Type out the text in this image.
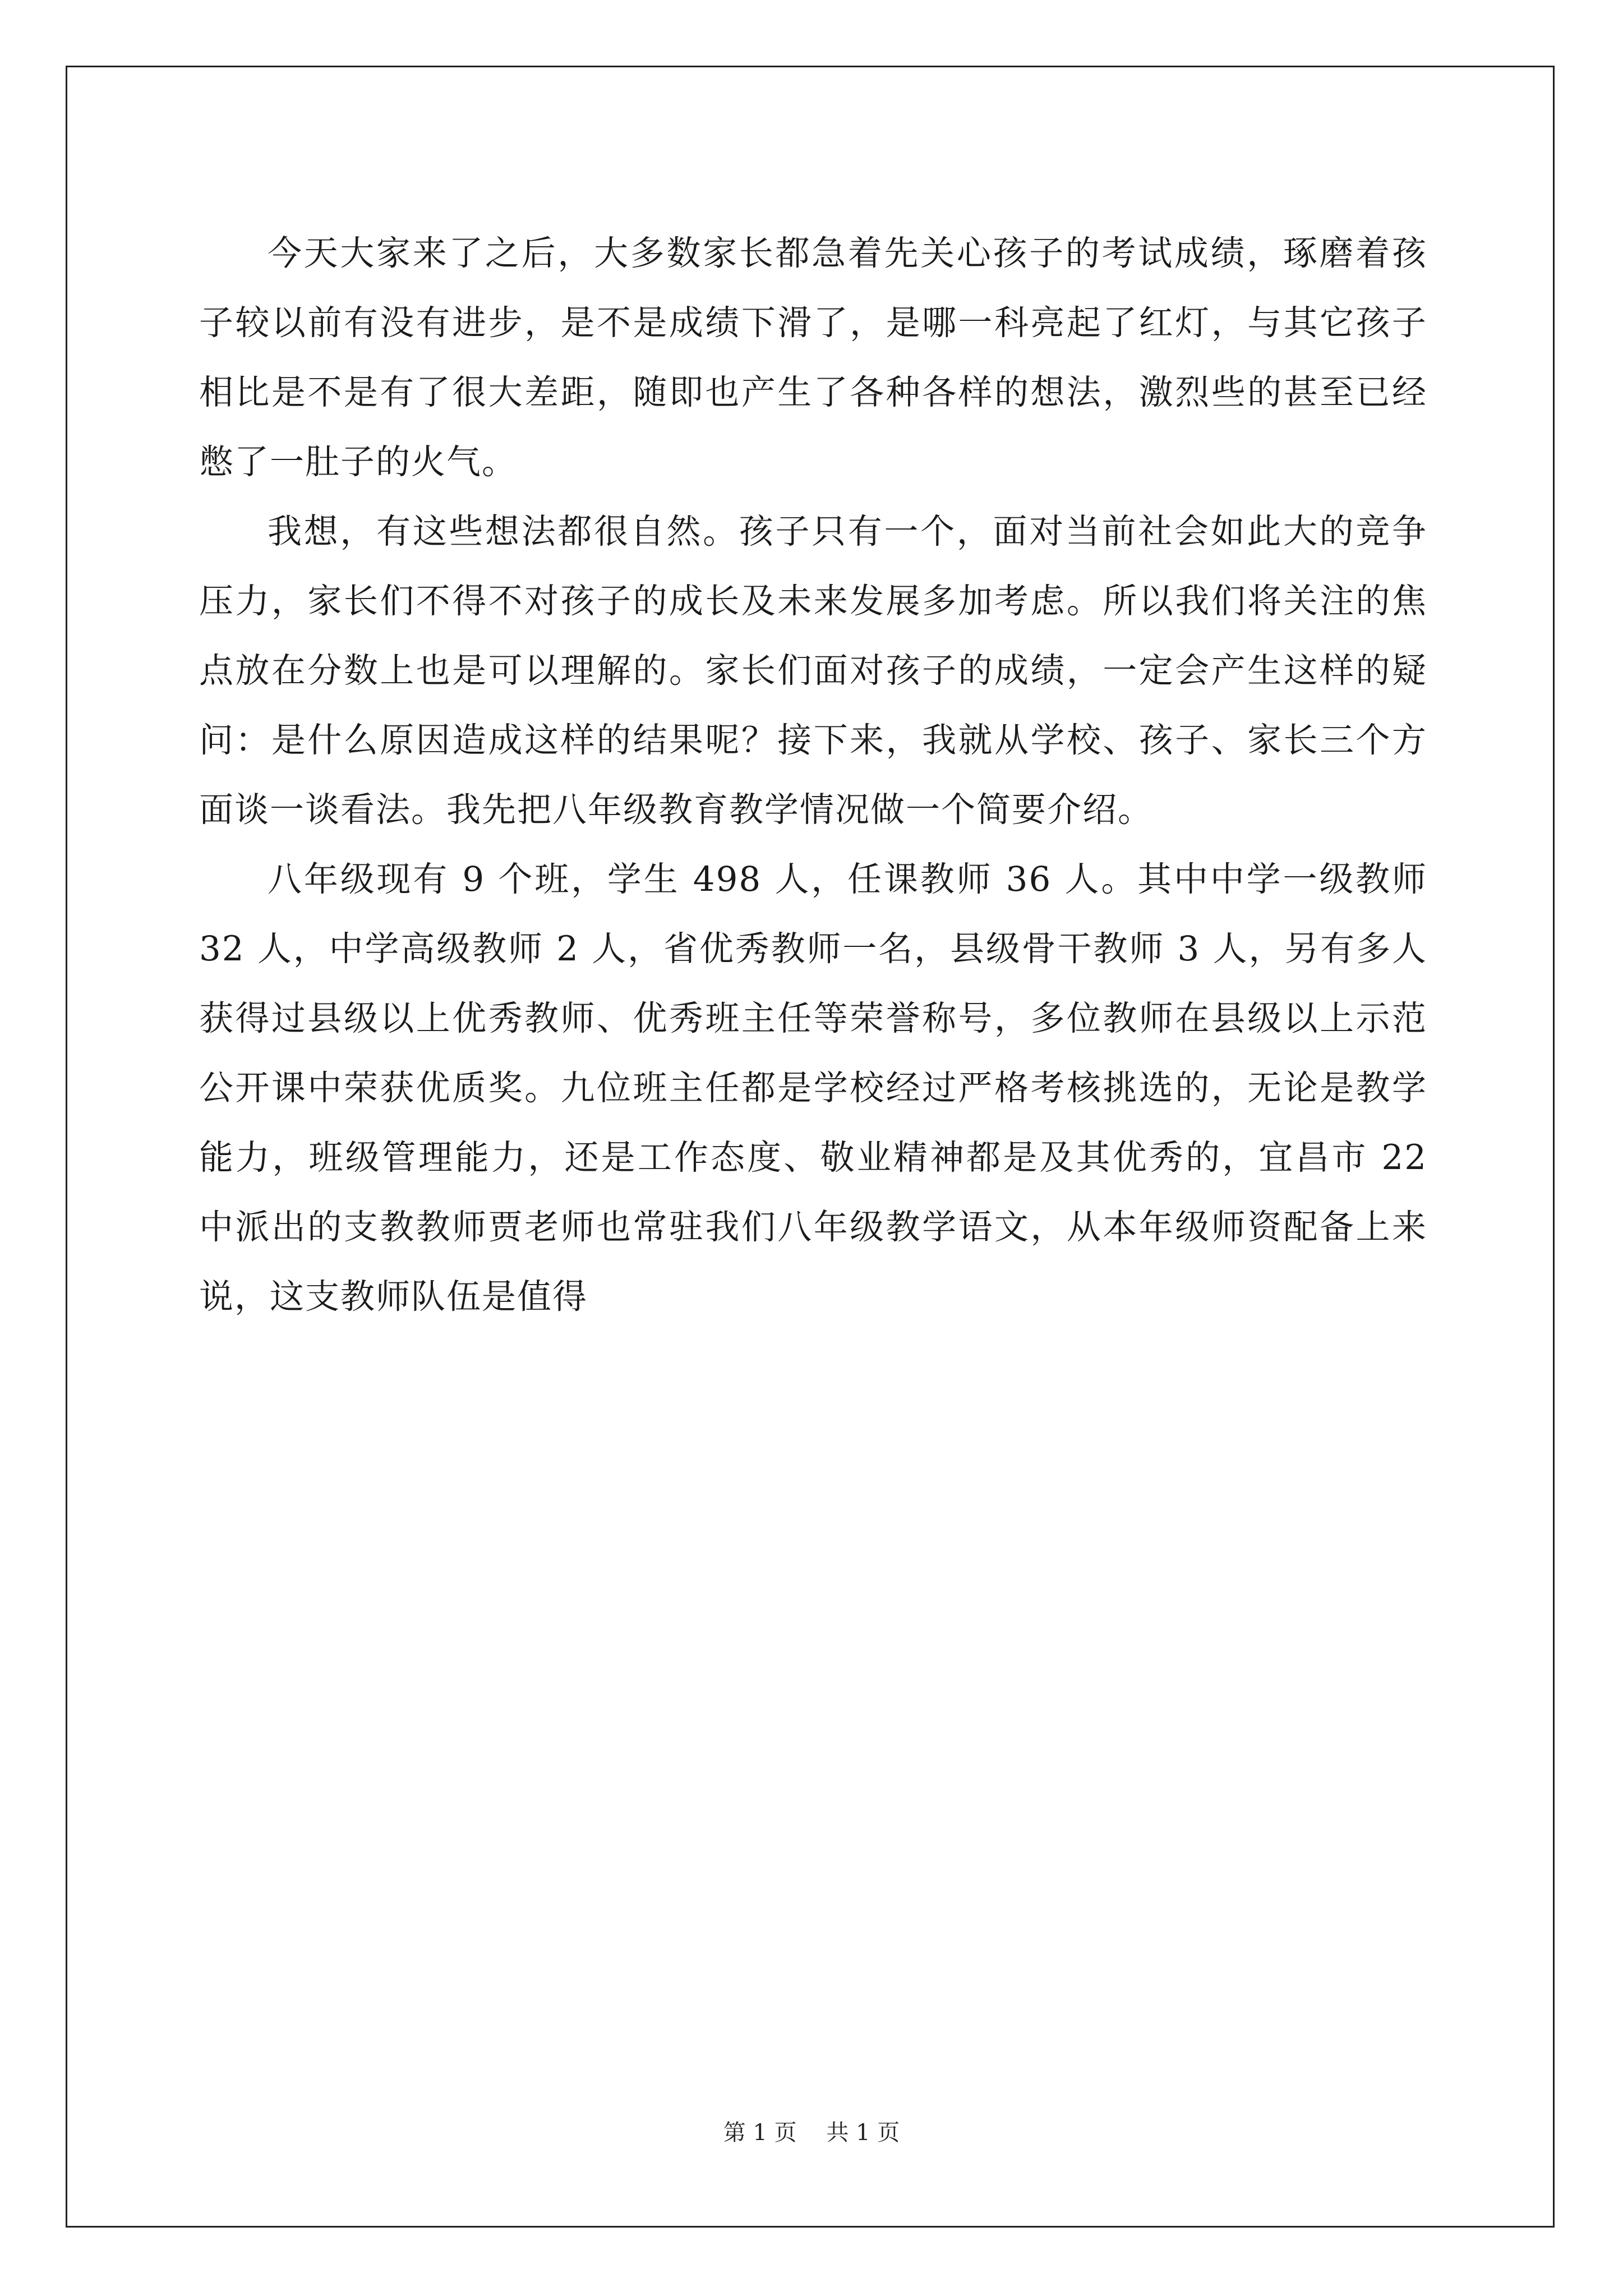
今天大家来了之后，大多数家长都急着先关心孩子的考试成绩，琢磨着孩子较以前有没有进步，是不是成绩下滑了，是哪一科亮起了红灯，与其它孩子相比是不是有了很大差距，随即也产生了各种各样的想法，激烈些的甚至已经憋了一肚子的火气。

我想，有这些想法都很自然。孩子只有一个，面对当前社会如此大的竞争压力，家长们不得不对孩子的成长及未来发展多加考虑。所以我们将关注的焦点放在分数上也是可以理解的。家长们面对孩子的成绩，一定会产生这样的疑问：是什么原因造成这样的结果呢？接下来，我就从学校、孩子、家长三个方面谈一谈看法。我先把八年级教育教学情况做一个简要介绍。

八年级现有 9 个班，学生 498 人，任课教师 36 人。其中中学一级教师 32 人，中学高级教师 2 人，省优秀教师一名，县级骨干教师 3 人，另有多人获得过县级以上优秀教师、优秀班主任等荣誉称号，多位教师在县级以上示范公开课中荣获优质奖。九位班主任都是学校经过严格考核挑选的，无论是教学能力，班级管理能力，还是工作态度、敬业精神都是及其优秀的，宜昌市 22 中派出的支教教师贾老师也常驻我们八年级教学语文，从本年级师资配备上来说，这支教师队伍是值得

第 1 页 共 1 页
